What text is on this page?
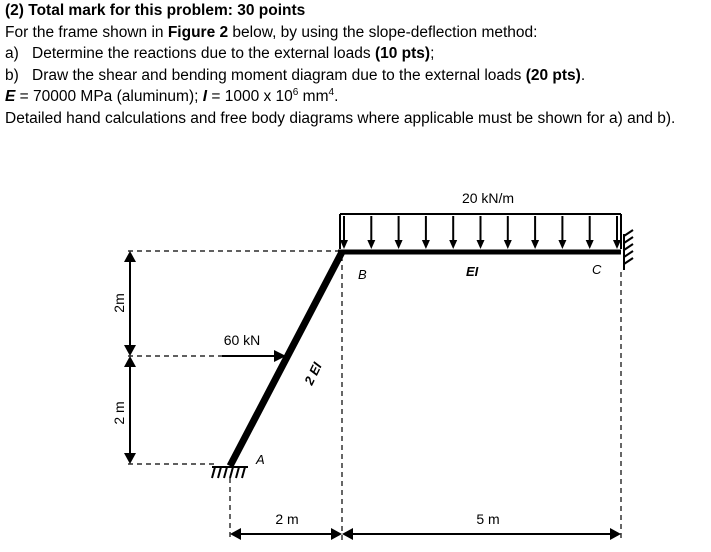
(2) Total mark for this problem: 30 points
For the frame shown in Figure 2 below, by using the slope-deflection method:
a) Determine the reactions due to the external loads (10 pts);
b) Draw the shear and bending moment diagram due to the external loads (20 pts).
E = 70000 MPa (aluminum); I = 1000 x $10^6$ $mm^4$.
Detailed hand calculations and free body diagrams where applicable must be shown for a) and b).
2m
2 m
2 m	5 m
20 kN/m
60 kN
B	C
A
EI
2 EI
